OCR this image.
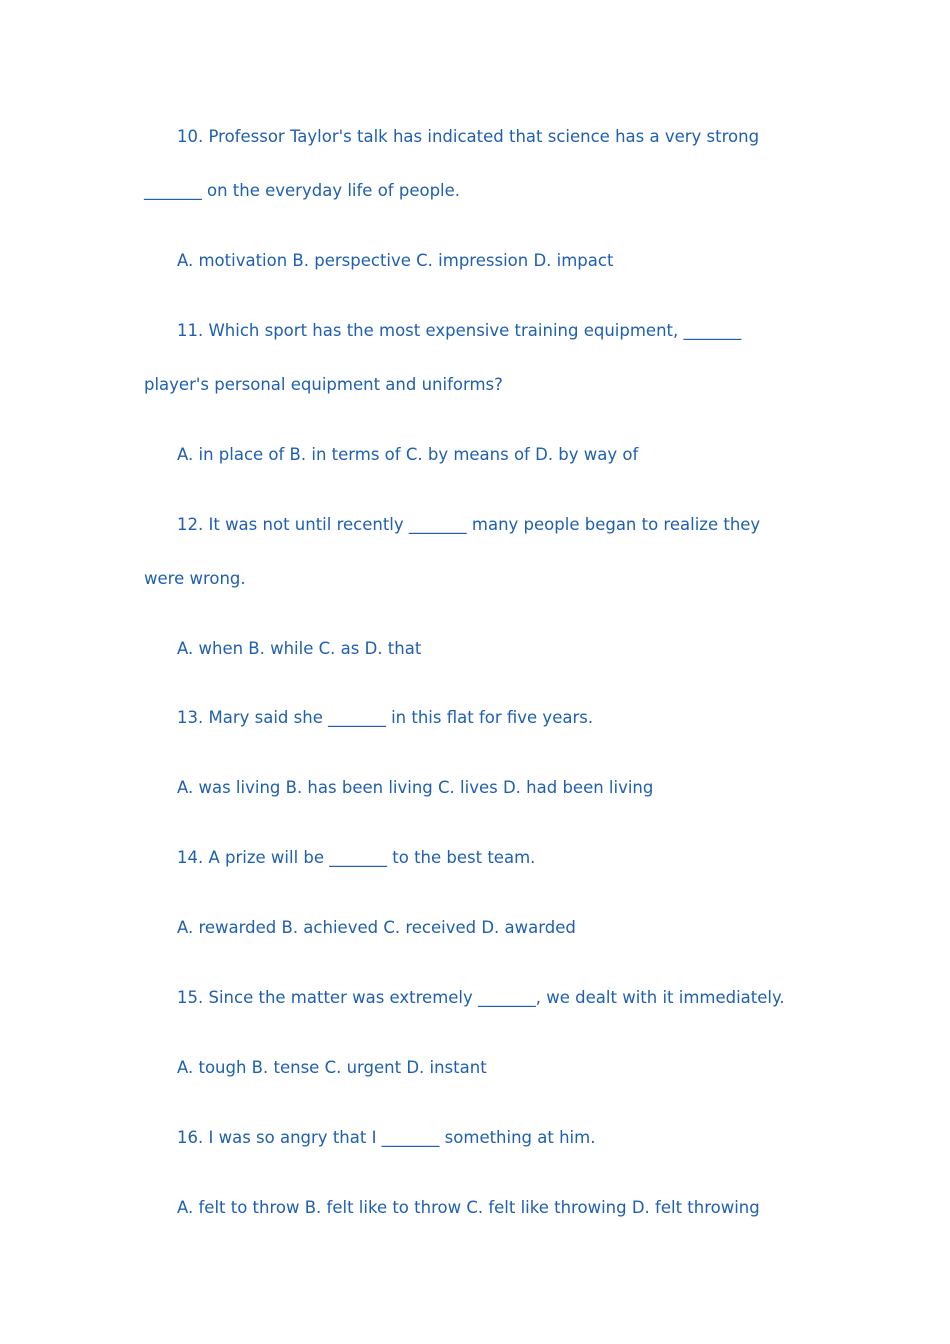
10. Professor Taylor's talk has indicated that science has a very strong
_______ on the everyday life of people.
A. motivation B. perspective C. impression D. impact
11. Which sport has the most expensive training equipment, _______
player's personal equipment and uniforms?
A. in place of B. in terms of C. by means of D. by way of
12. It was not until recently _______ many people began to realize they
were wrong.
A. when B. while C. as D. that
13. Mary said she _______ in this flat for five years.
A. was living B. has been living C. lives D. had been living
14. A prize will be _______ to the best team.
A. rewarded B. achieved C. received D. awarded
15. Since the matter was extremely _______, we dealt with it immediately.
A. tough B. tense C. urgent D. instant
16. I was so angry that I _______ something at him.
A. felt to throw B. felt like to throw C. felt like throwing D. felt throwing
